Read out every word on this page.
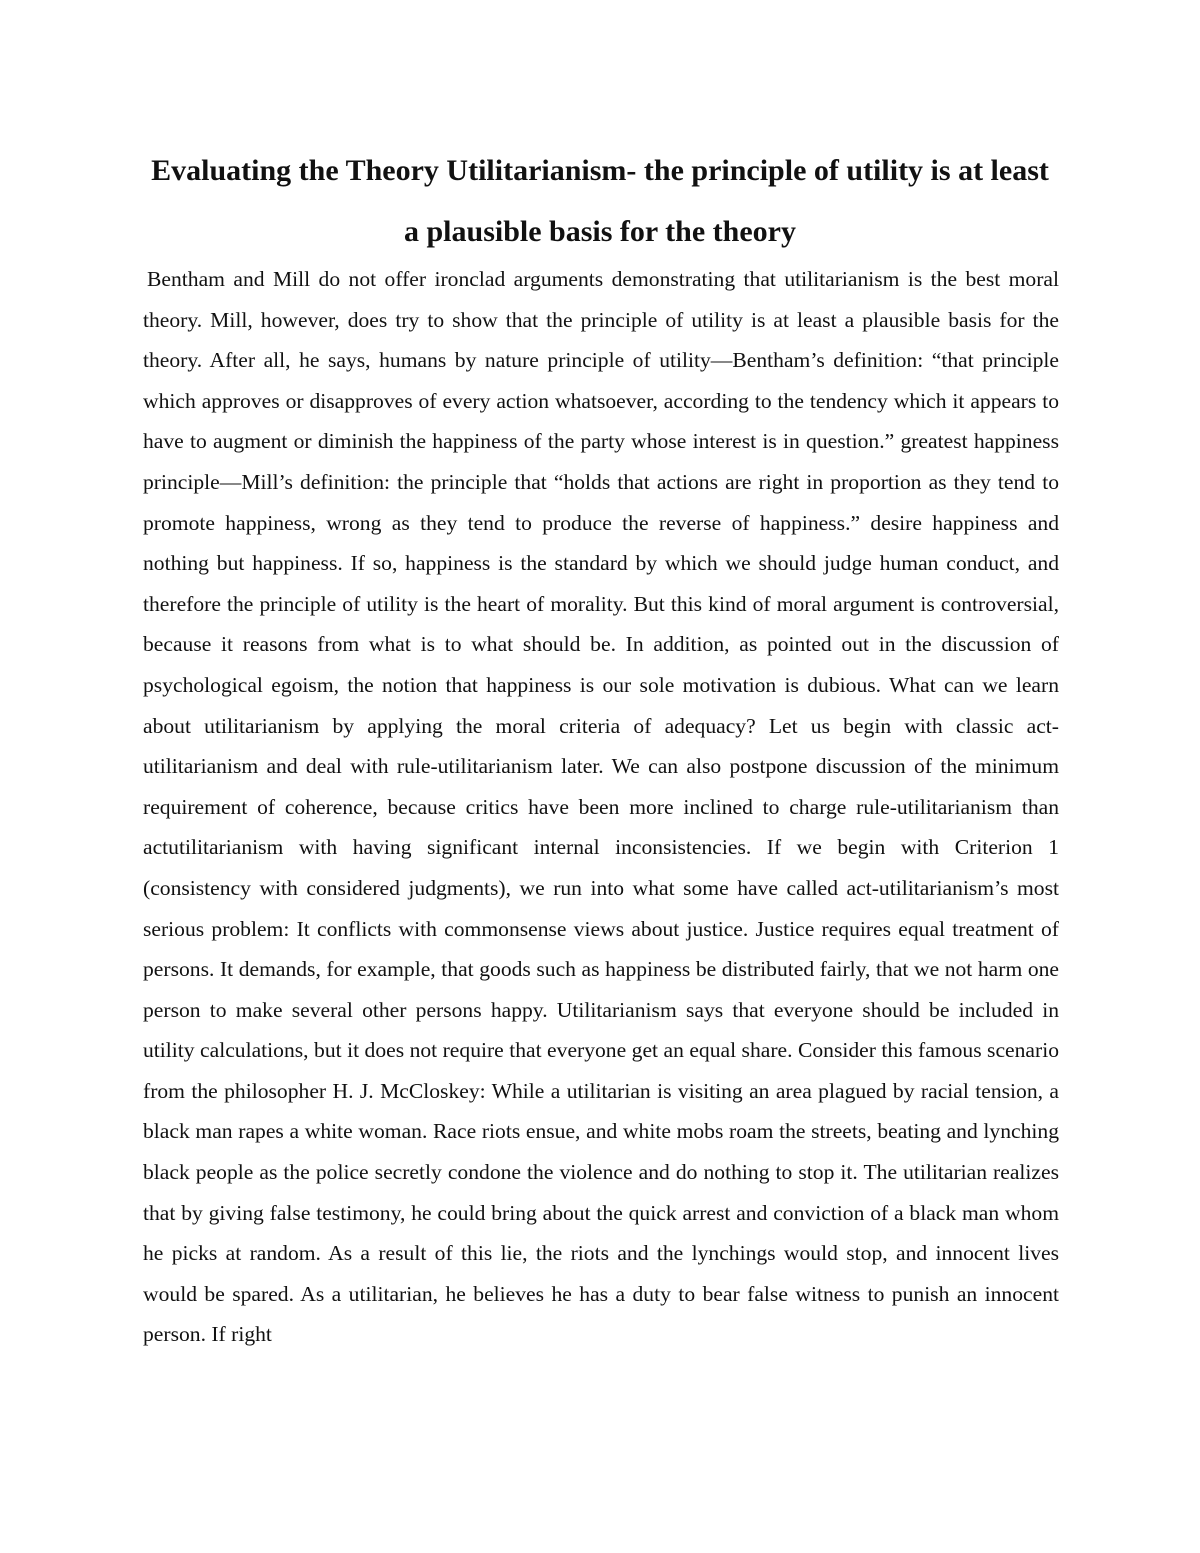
Evaluating the Theory Utilitarianism- the principle of utility is at least a plausible basis for the theory

Bentham and Mill do not offer ironclad arguments demonstrating that utilitarianism is the best moral theory. Mill, however, does try to show that the principle of utility is at least a plausible basis for the theory. After all, he says, humans by nature principle of utility—Bentham’s definition: “that principle which approves or disapproves of every action whatsoever, according to the tendency which it appears to have to augment or diminish the happiness of the party whose interest is in question.” greatest happiness principle—Mill’s definition: the principle that “holds that actions are right in proportion as they tend to promote happiness, wrong as they tend to produce the reverse of happiness.” desire happiness and nothing but happiness. If so, happiness is the standard by which we should judge human conduct, and therefore the principle of utility is the heart of morality. But this kind of moral argument is controversial, because it reasons from what is to what should be. In addition, as pointed out in the discussion of psychological egoism, the notion that happiness is our sole motivation is dubious. What can we learn about utilitarianism by applying the moral criteria of adequacy? Let us begin with classic act-utilitarianism and deal with rule-utilitarianism later. We can also postpone discussion of the minimum requirement of coherence, because critics have been more inclined to charge rule-utilitarianism than actutilitarianism with having significant internal inconsistencies. If we begin with Criterion 1 (consistency with considered judgments), we run into what some have called act-utilitarianism’s most serious problem: It conflicts with commonsense views about justice. Justice requires equal treatment of persons. It demands, for example, that goods such as happiness be distributed fairly, that we not harm one person to make several other persons happy. Utilitarianism says that everyone should be included in utility calculations, but it does not require that everyone get an equal share. Consider this famous scenario from the philosopher H. J. McCloskey: While a utilitarian is visiting an area plagued by racial tension, a black man rapes a white woman. Race riots ensue, and white mobs roam the streets, beating and lynching black people as the police secretly condone the violence and do nothing to stop it. The utilitarian realizes that by giving false testimony, he could bring about the quick arrest and conviction of a black man whom he picks at random. As a result of this lie, the riots and the lynchings would stop, and innocent lives would be spared. As a utilitarian, he believes he has a duty to bear false witness to punish an innocent person. If right
